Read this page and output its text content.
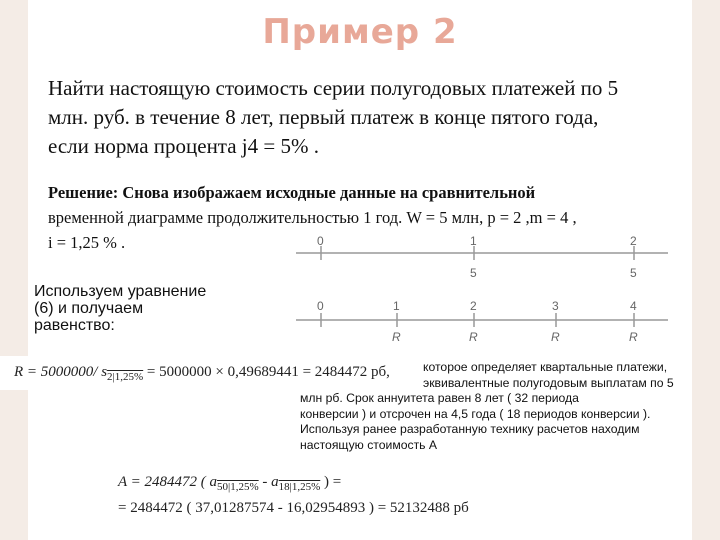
Пример 2
Найти настоящую стоимость серии полугодовых платежей по 5
млн. руб. в течение 8 лет, первый платеж в конце пятого года,
если норма процента j4 = 5% .
Решение: Снова изображаем исходные данные на сравнительной
временной диаграмме продолжительностью 1 год. W = 5 млн, p = 2 ,m = 4 ,
i = 1,25 % .
Используем уравнение
(6) и получаем
равенство:
0	1	2
5	5
0	1	2	3	4
R	R	R	R
R = 5000000/ $s_{2|1,25\%} = 5000000 \times 0,49689441 = 2484472$ рб,	которое определяет квартальные платежи,
эквивалентные полугодовым выплатам по 5
млн рб. Срок аннуитета равен 8 лет ( 32 периода
конверсии ) и отсрочен на 4,5 года ( 18 периодов конверсии ).
Используя ранее разработанную технику расчетов находим
настоящую стоимость A
A = 2484472 ( $a_{50|1,25\%} - a_{18|1,25\%}$ ) =
= 2484472 ( 37,01287574 - 16,02954893 ) = 52132488 рб
